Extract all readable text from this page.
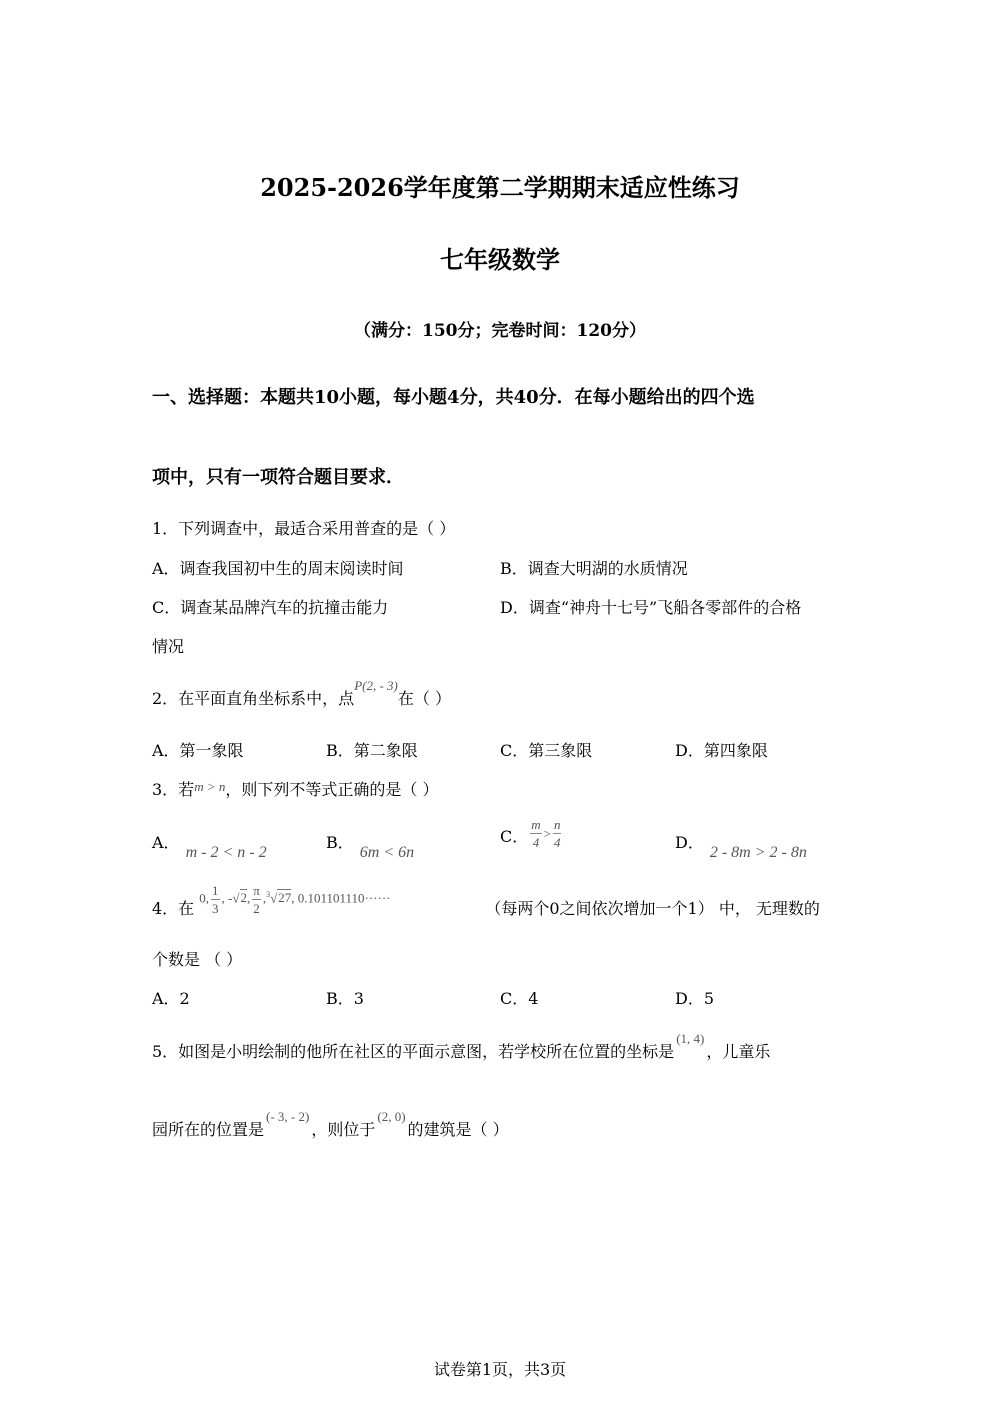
2025-2026学年度第二学期期末适应性练习
七年级数学
（满分：150分；完卷时间：120分）
一、选择题：本题共10小题，每小题4分，共40分．在每小题给出的四个选
项中，只有一项符合题目要求．
1．下列调查中，最适合采用普查的是（ ）
A．调查我国初中生的周末阅读时间	B．调查大明湖的水质情况
C．调查某品牌汽车的抗撞击能力	D．调查“神舟十七号”飞船各零部件的合格
情况
2．在平面直角坐标系中，点$^{P(2, - 3)}$在（ ）
A．第一象限	B．第二象限	C．第三象限	D．第四象限
3．若$^{m > n}$，则下列不等式正确的是（ ）
A．m - 2 < n - 2
B．6m < 6n
C． $\frac{m}{4} > \frac{n}{4}$	D．2 - 8m > 2 - 8n
4．在 0, $\frac{1}{3}$ , -√2, $\frac{\pi}{2} ,^3√27$, 0.101101110······ （每两个0之间依次增加一个1） 中， 无理数的
个数是 （ ）
A．2	B．3	C．4	D．5
5．如图是小明绘制的他所在社区的平面示意图，若学校所在位置的坐标是$^{(1, 4)}$，儿童乐
园所在的位置是$^{(- 3, - 2)}$，则位于$^{(2, 0)}$的建筑是（ ）
试卷第1页，共3页
